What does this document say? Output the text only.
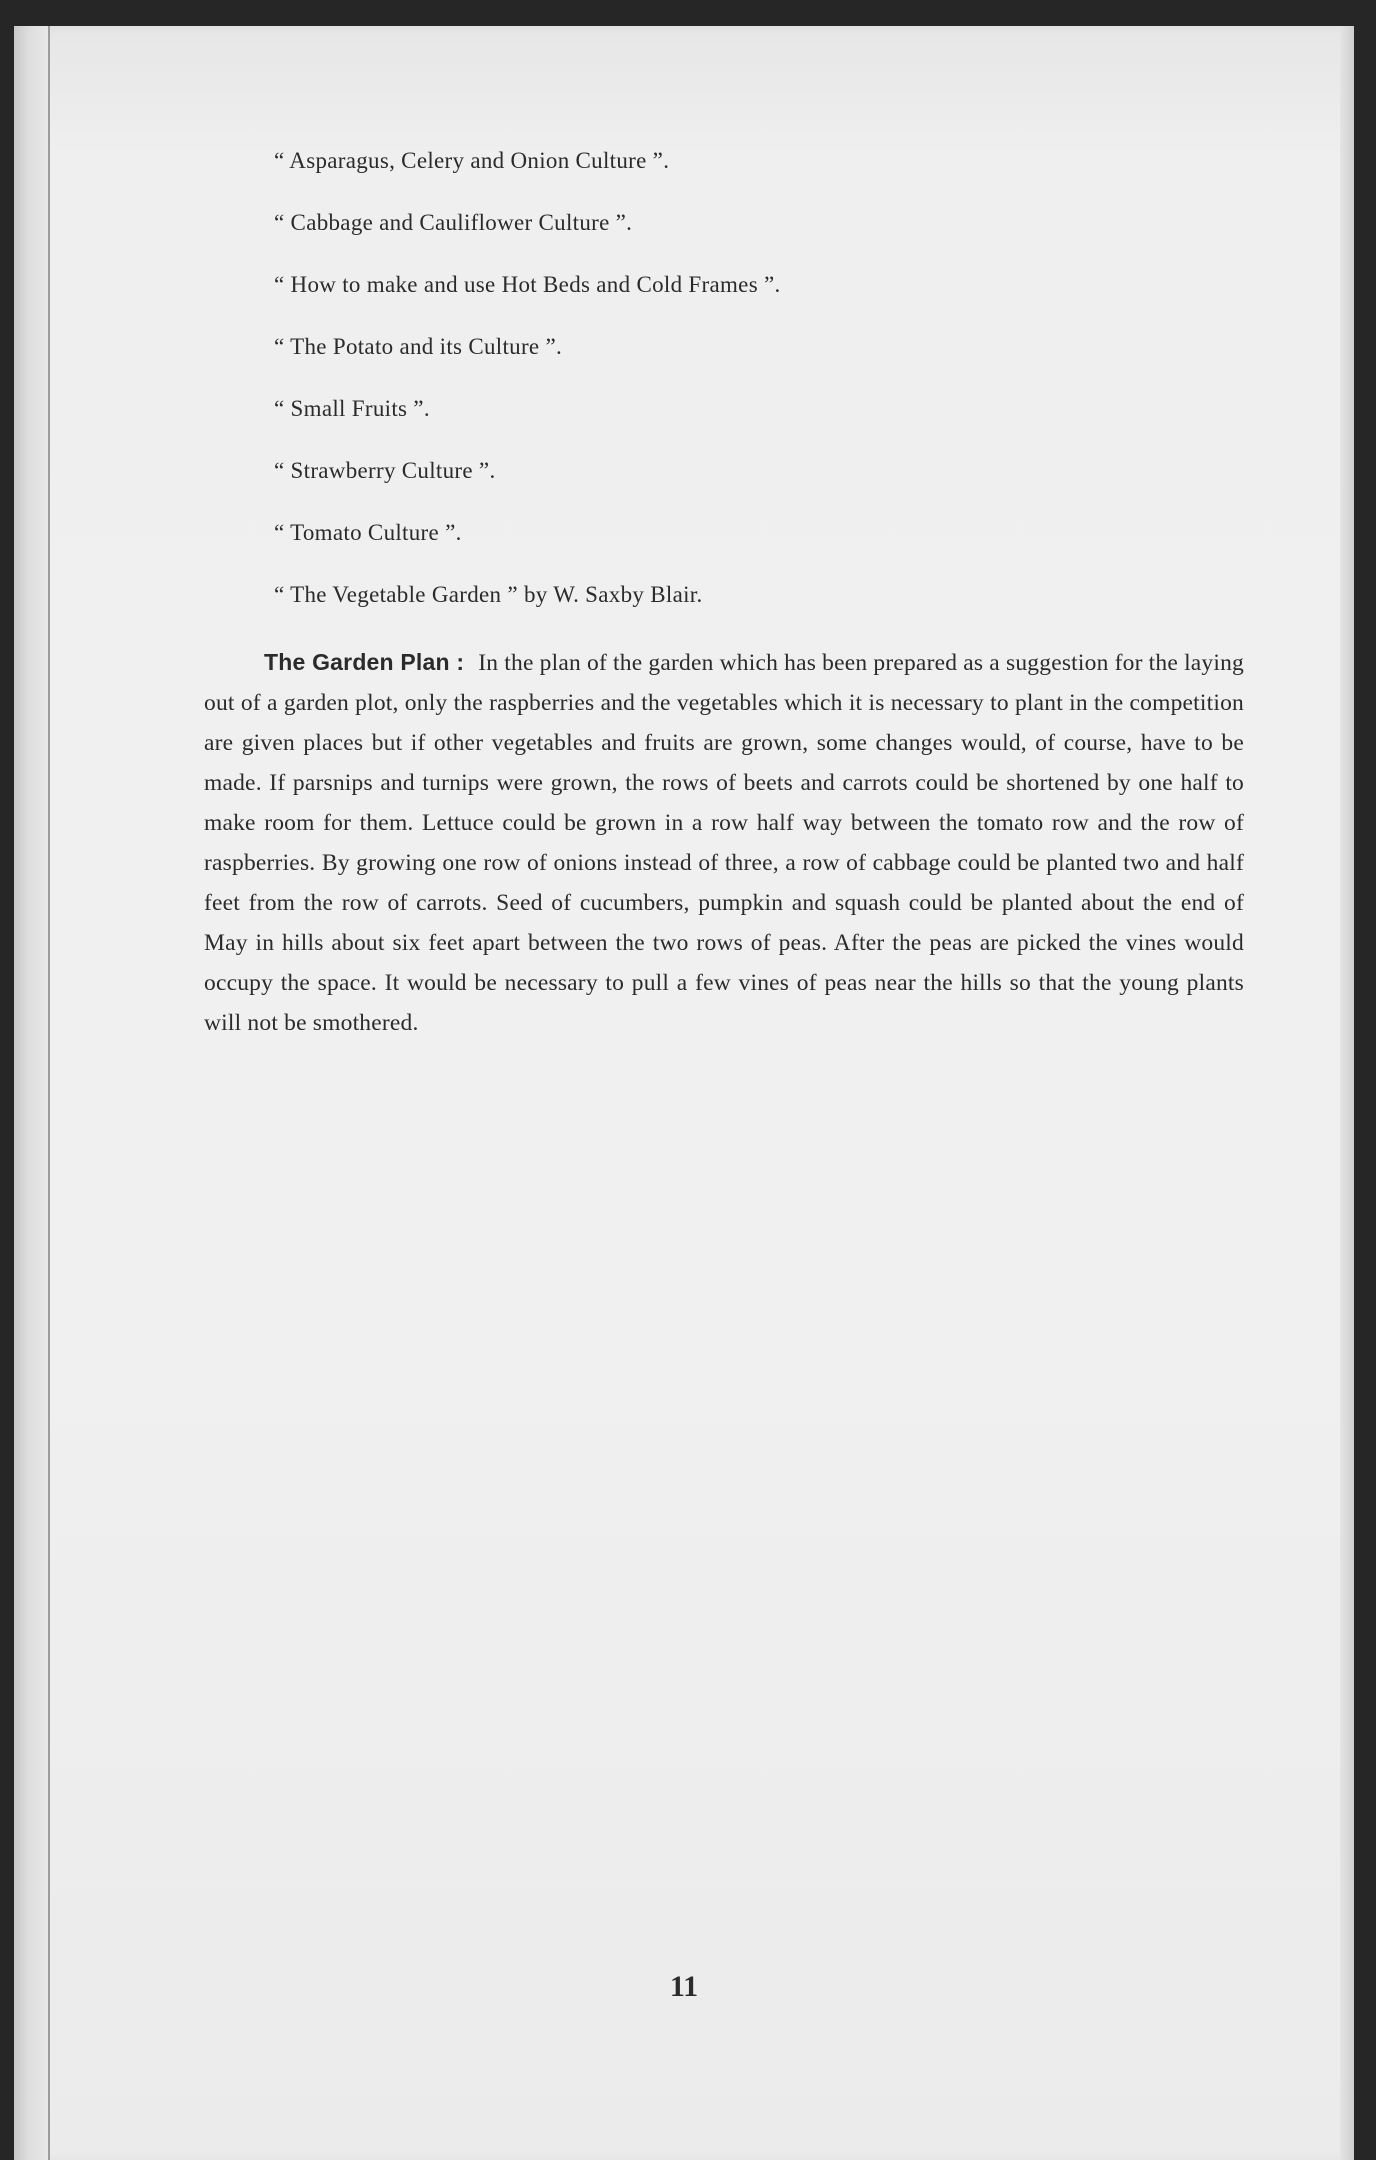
“ Asparagus, Celery and Onion Culture ”.
“ Cabbage and Cauliflower Culture ”.
“ How to make and use Hot Beds and Cold Frames ”.
“ The Potato and its Culture ”.
“ Small Fruits ”.
“ Strawberry Culture ”.
“ Tomato Culture ”.
“ The Vegetable Garden ” by W. Saxby Blair.

The Garden Plan : In the plan of the garden which has been prepared as a suggestion for the laying out of a garden plot, only the raspberries and the vegetables which it is necessary to plant in the competition are given places but if other vegetables and fruits are grown, some changes would, of course, have to be made. If parsnips and turnips were grown, the rows of beets and carrots could be shortened by one half to make room for them. Lettuce could be grown in a row half way between the tomato row and the row of raspberries. By growing one row of onions instead of three, a row of cabbage could be planted two and half feet from the row of carrots. Seed of cucumbers, pumpkin and squash could be planted about the end of May in hills about six feet apart between the two rows of peas. After the peas are picked the vines would occupy the space. It would be necessary to pull a few vines of peas near the hills so that the young plants will not be smothered.

11
